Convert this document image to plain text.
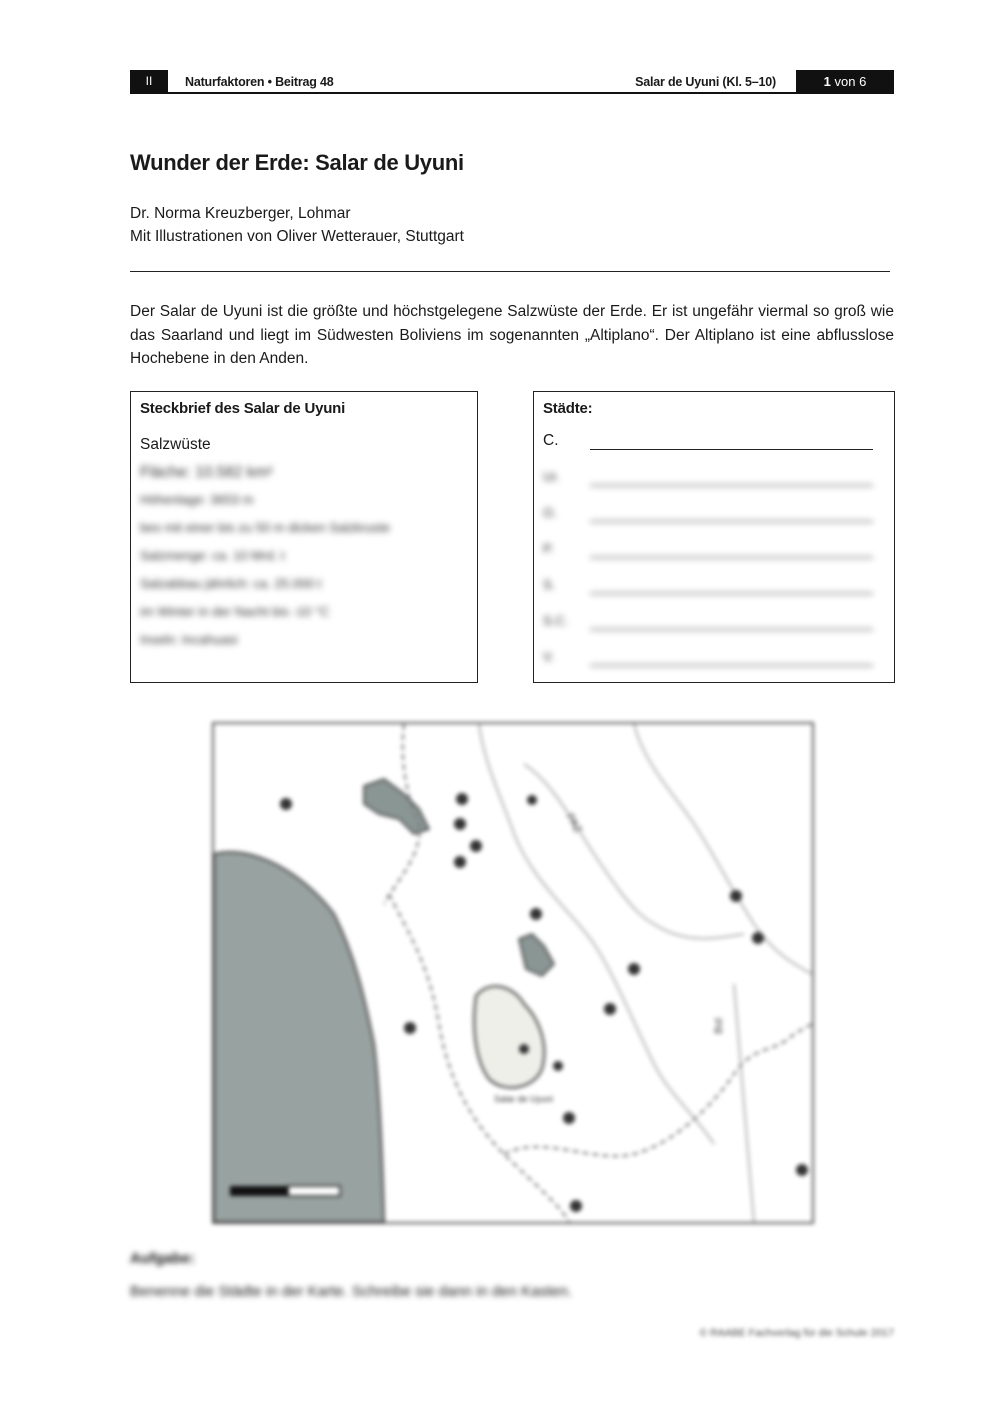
II	Naturfaktoren • Beitrag 48	Salar de Uyuni (Kl. 5–10)	1 von 6
Wunder der Erde: Salar de Uyuni
Dr. Norma Kreuzberger, Lohmar
Mit Illustrationen von Oliver Wetterauer, Stuttgart
Der Salar de Uyuni ist die größte und höchstgelegene Salzwüste der Erde. Er ist ungefähr viermal so groß wie das Saarland und liegt im Südwesten Boliviens im sogenannten „Altiplano“. Der Altiplano ist eine abflusslose Hochebene in den Anden.
Steckbrief des Salar de Uyuni
Salzwüste
Fläche: 10.582 km²
Höhenlage: 3653 m
bes mit einer bis zu 50 m dicken Salzkruste
Salzmenge: ca. 10 Mrd. t
Salzabbau jährlich: ca. 25.000 t
im Winter in der Nacht bis -10 °C
Inseln: Incahuasi
Städte:
C.
Ur.
O.
P.
S.
S.C.
V.
Salar de Uyuni
PAZ
Bol
Aufgabe:
Benenne die Städte in der Karte. Schreibe sie dann in den Kasten.
© RAABE Fachverlag für die Schule 2017
